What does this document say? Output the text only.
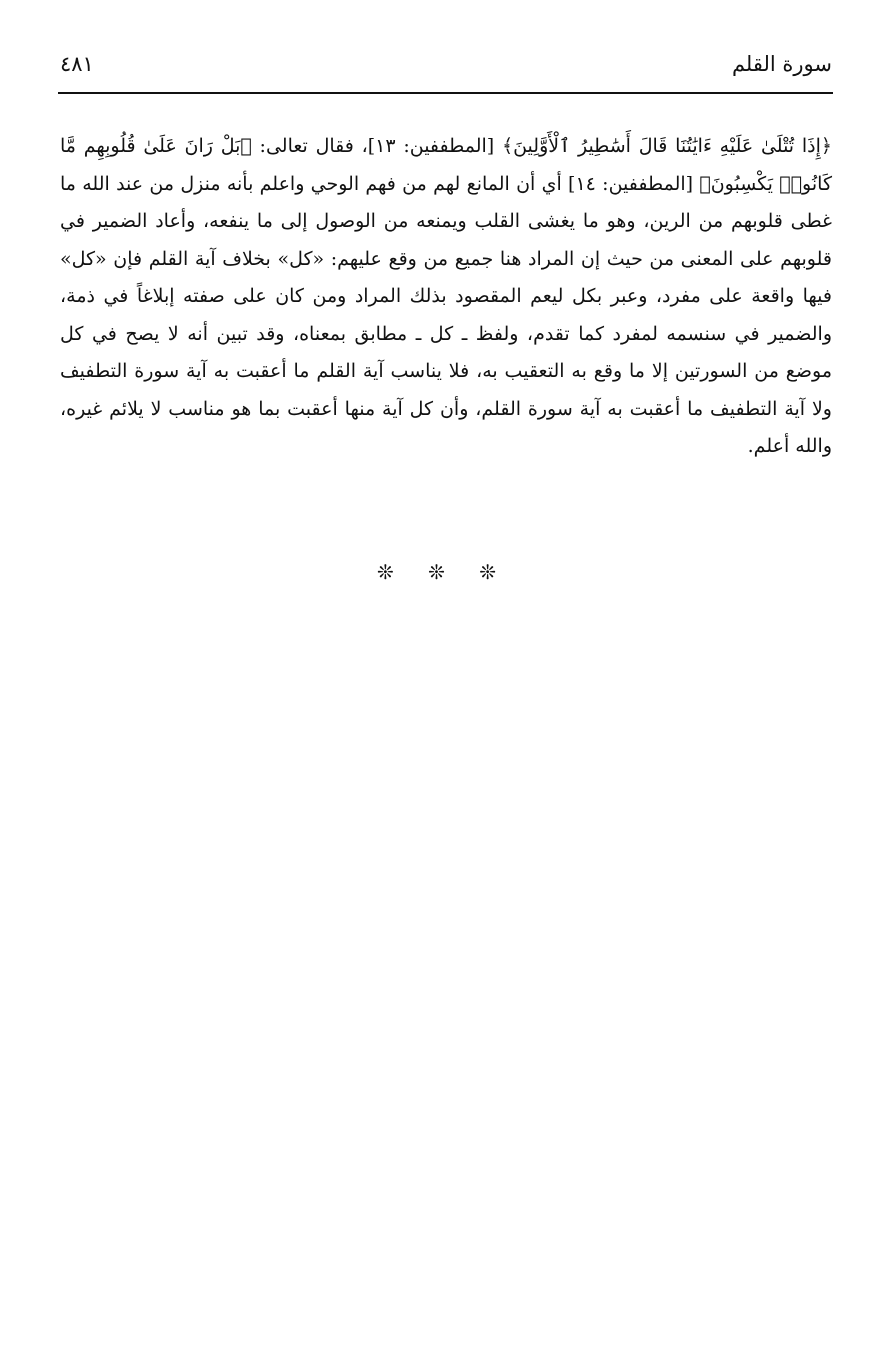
سورة القلم
٤٨١
﴿إِذَا تُتْلَىٰ عَلَيْهِ ءَايَٰتُنَا قَالَ أَسَٰطِيرُ ٱلْأَوَّلِينَ﴾ [المطففين: ١٣]، فقال تعالى: ﴿بَلْ رَانَ عَلَىٰ قُلُوبِهِم مَّا كَانُوا۟ يَكْسِبُونَ﴾ [المطففين: ١٤] أي أن المانع لهم من فهم الوحي واعلم بأنه منزل من عند الله ما غطى قلوبهم من الرين، وهو ما يغشى القلب ويمنعه من الوصول إلى ما ينفعه، وأعاد الضمير في قلوبهم على المعنى من حيث إن المراد هنا جميع من وقع عليهم: «كل» بخلاف آية القلم فإن «كل» فيها واقعة على مفرد، وعبر بكل ليعم المقصود بذلك المراد ومن كان على صفته إبلاغاً في ذمة، والضمير في سنسمه لمفرد كما تقدم، ولفظ ـ كل ـ مطابق بمعناه، وقد تبين أنه لا يصح في كل موضع من السورتين إلا ما وقع به التعقيب به، فلا يناسب آية القلم ما أعقبت به آية سورة التطفيف ولا آية التطفيف ما أعقبت به آية سورة القلم، وأن كل آية منها أعقبت بما هو مناسب لا يلائم غيره، والله أعلم.
❊ ❊ ❊
